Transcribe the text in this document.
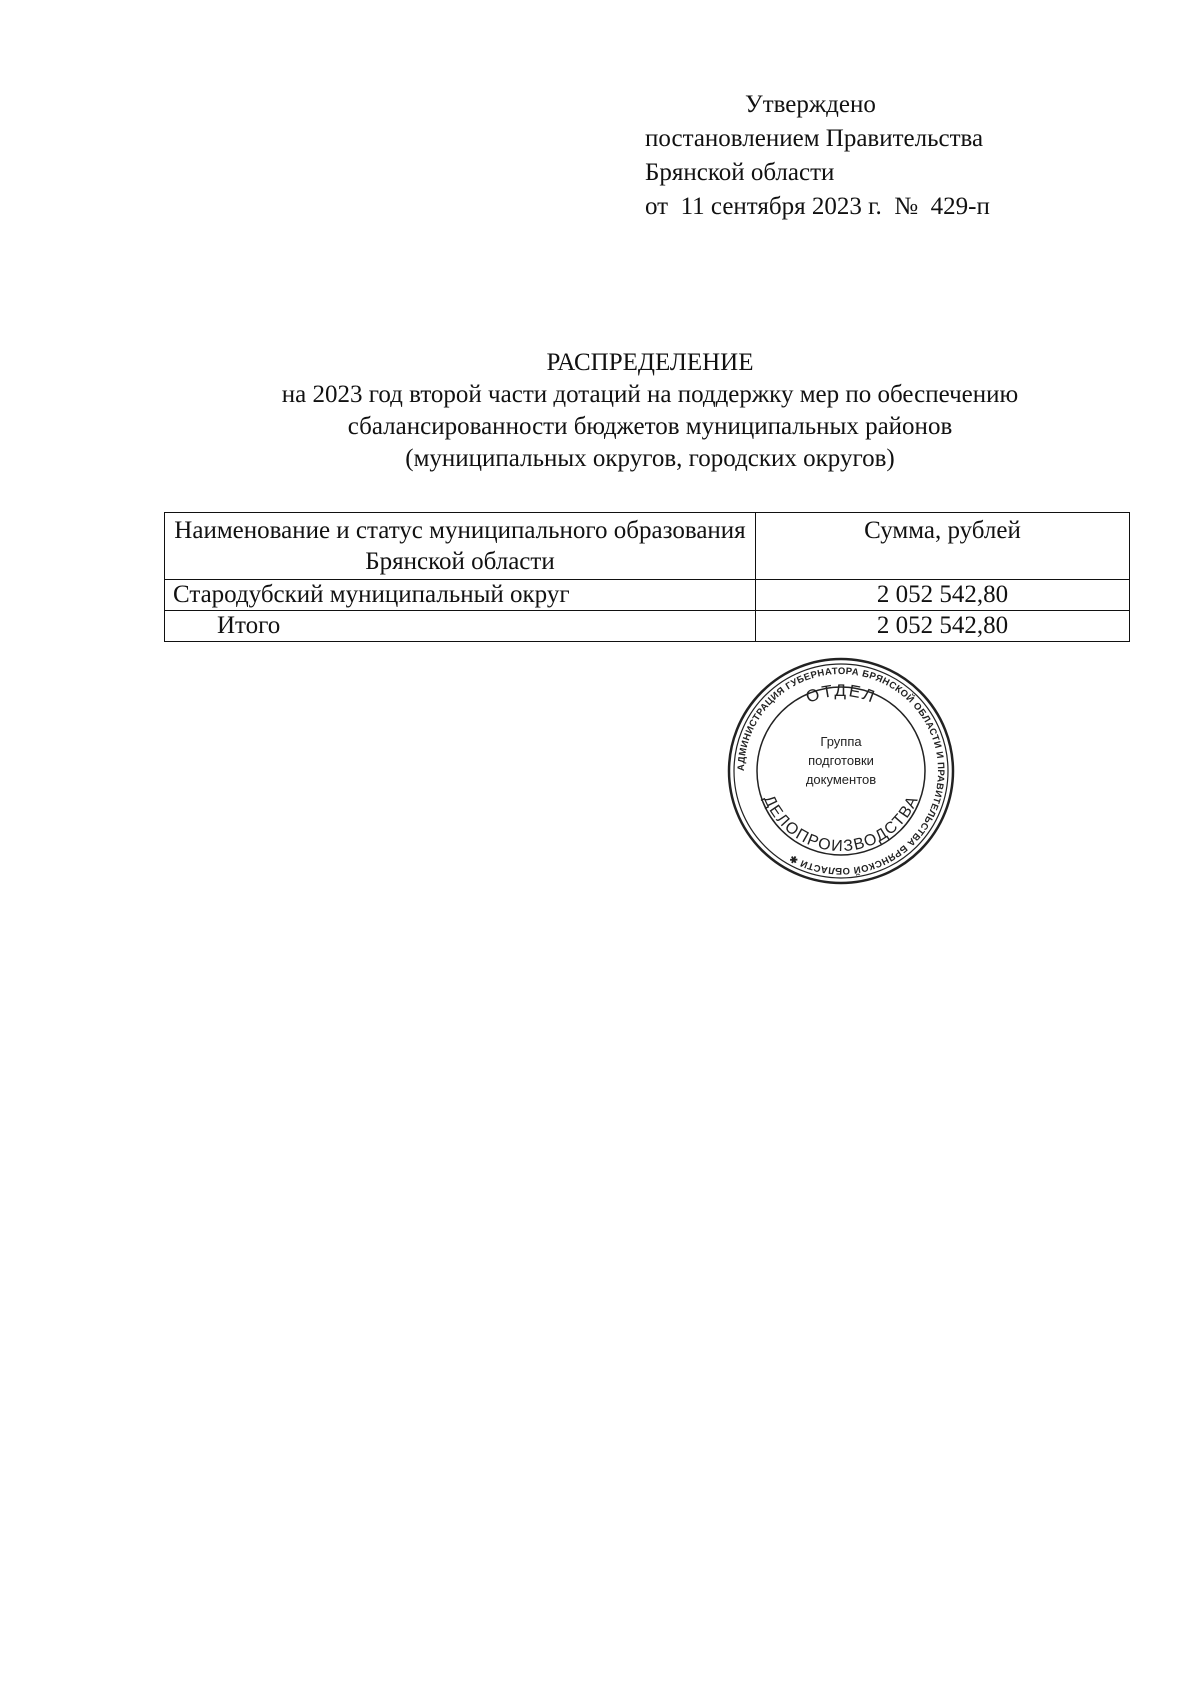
Утверждено
постановлением Правительства
Брянской области
от  11 сентября 2023 г.  №  429-п
РАСПРЕДЕЛЕНИЕ
на 2023 год второй части дотаций на поддержку мер по обеспечению
сбалансированности бюджетов муниципальных районов
(муниципальных округов, городских округов)
Наименование и статус муниципального образования Брянской области	Сумма, рублей
Стародубский муниципальный округ	2 052 542,80
Итого	2 052 542,80
АДМИНИСТРАЦИЯ ГУБЕРНАТОРА БРЯНСКОЙ ОБЛАСТИ И ПРАВИТЕЛЬСТВА БРЯНСКОЙ ОБЛАСТИ ✱
ОТДЕЛ
ДЕЛОПРОИЗВОДСТВА
Группа
подготовки
документов
